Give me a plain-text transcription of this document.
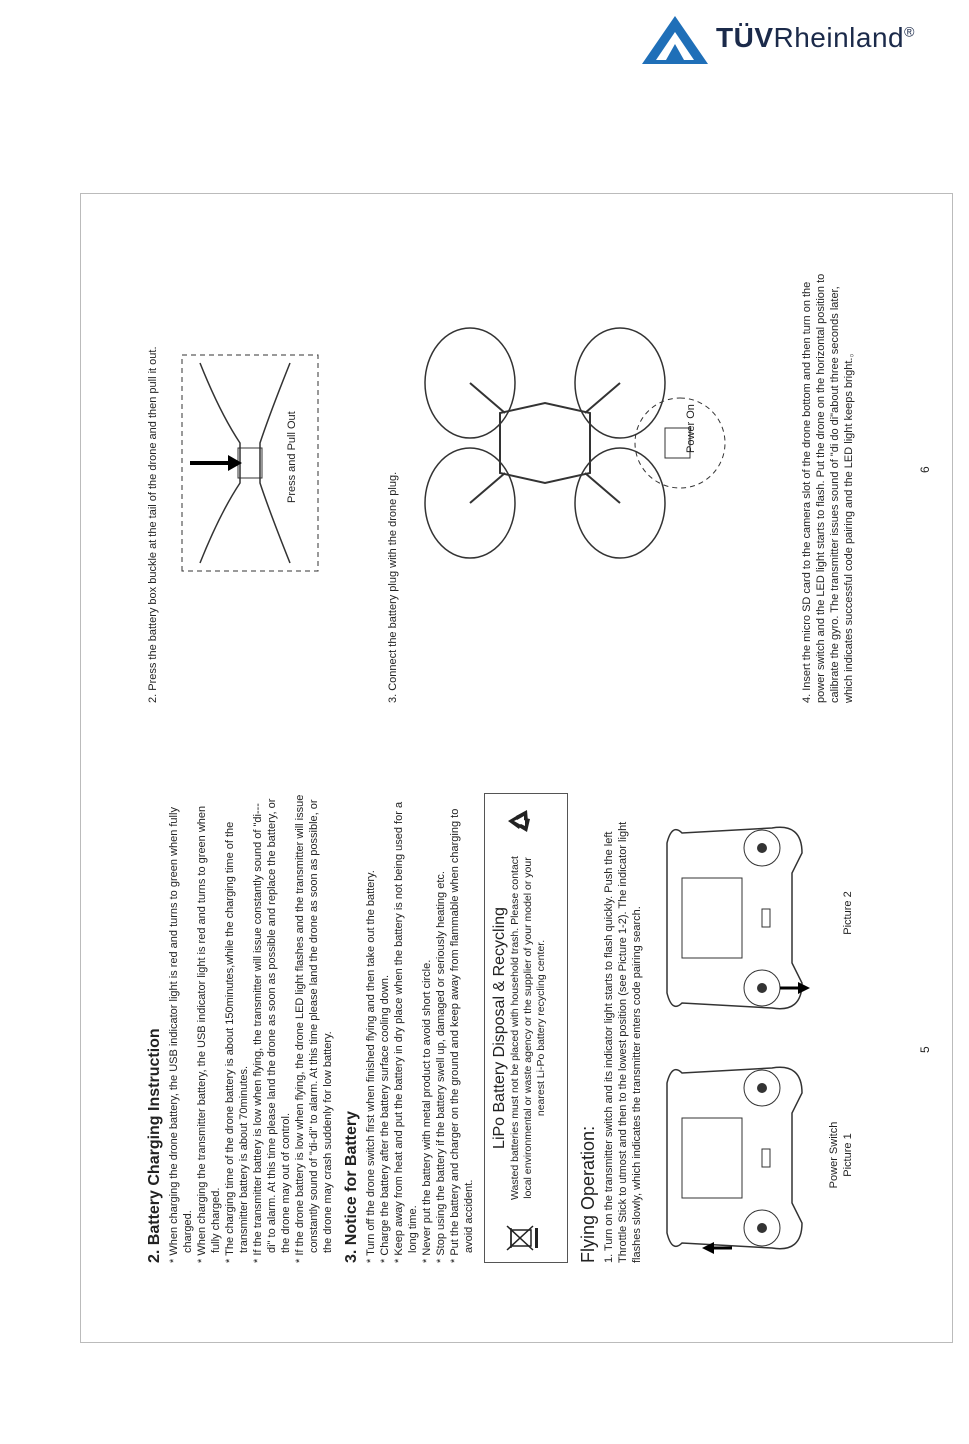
TÜVRheinland®
2. Battery Charging Instruction * When charging the drone battery, the USB indicator light is red and turns to green when fully charged. * When charging the transmitter battery, the USB indicator light is red and turns to green when fully charged. * The charging time of the drone battery is about 150minutes,while the charging time of the transmitter battery is about 70minutes. * If the transmitter battery is low when flying, the transmitter will issue constantly sound of "di---di" to alarm. At this time please land the drone as soon as possible and replace the battery, or the drone may out of control. * If the drone battery is low when flying, the drone LED light flashes and the transmitter will issue constantly sound of "di-di" to alarm. At this time please land the drone as soon as possible, or the drone may crash suddenly for low battery. 3. Notice for Battery * Turn off the drone switch first when finished flying and then take out the battery. * Charge the battery after the battery surface cooling down. * Keep away from heat and put the battery in dry place when the battery is not being used for a long time. * Never put the battery with metal product to avoid short circle. * Stop using the battery if the battery swell up, damaged or seriously heating etc. * Put the battery and charger on the ground and keep away from flammable when charging to avoid accident.

LiPo Battery Disposal & Recycling Wasted batteries must not be placed with household trash. Please contact local environmental or waste agency or the supplier of your model or your nearest Li-Po battery recycling center.
Flying Operation: 1. Turn on the transmitter switch and its indicator light starts to flash quickly. Push the left Throttle Stick to utmost and then to the lowest position (see Picture 1-2). The indicator light flashes slowly, which indicates the transmitter enters code pairing search.	Power Switch Picture 1
Picture 2
5

2. Press the battery box buckle at the tail of the drone and then pull it out.	Press and Pull Out

3. Connect the battery plug with the drone plug.

Power On	4. Insert the micro SD card to the camera slot of the drone bottom and then turn on the power switch and the LED light starts to flash. Put the drone on the horizontal position to calibrate the gyro. The transmitter issues sound of "di do di"about three seconds later, which indicates successful code pairing and the LED light keeps bright.。	6
